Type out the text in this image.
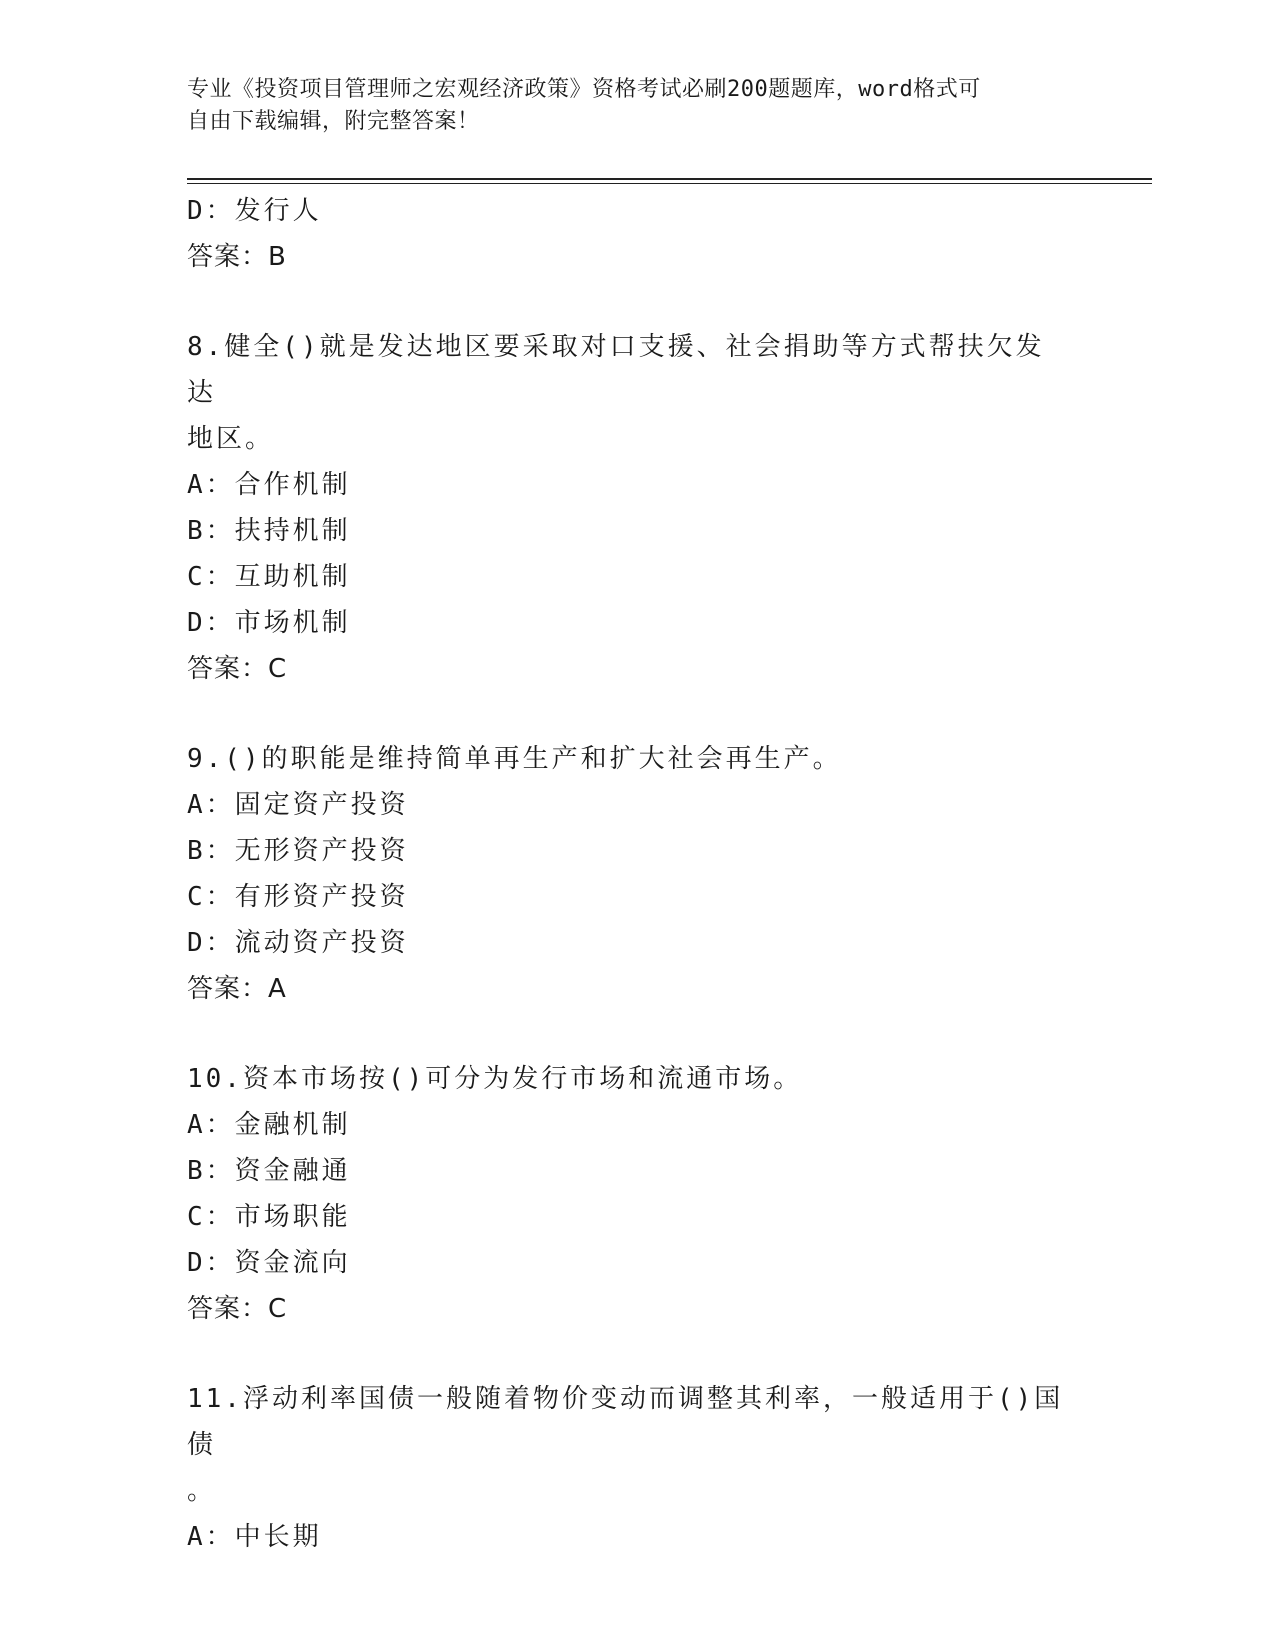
专业《投资项目管理师之宏观经济政策》资格考试必刷200题题库，word格式可
自由下载编辑，附完整答案！
D：发行人
答案：B
8.健全()就是发达地区要采取对口支援、社会捐助等方式帮扶欠发达
地区。
A：合作机制
B：扶持机制
C：互助机制
D：市场机制
答案：C
9.()的职能是维持简单再生产和扩大社会再生产。
A：固定资产投资
B：无形资产投资
C：有形资产投资
D：流动资产投资
答案：A
10.资本市场按()可分为发行市场和流通市场。
A：金融机制
B：资金融通
C：市场职能
D：资金流向
答案：C
11.浮动利率国债一般随着物价变动而调整其利率，一般适用于()国债
。
A：中长期
